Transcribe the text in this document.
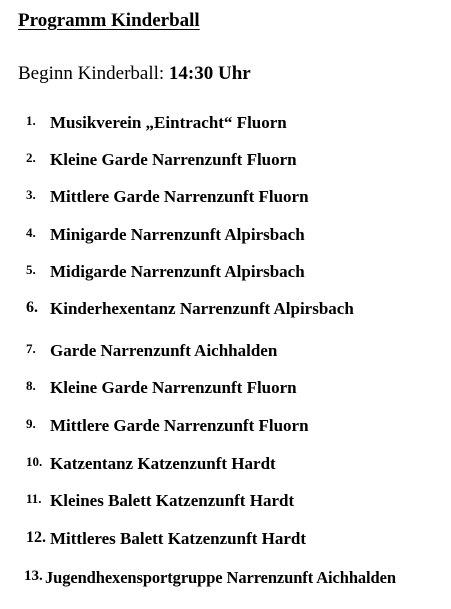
Programm Kinderball
Beginn Kinderball: 14:30 Uhr
1. Musikverein „Eintracht“ Fluorn
2. Kleine Garde Narrenzunft Fluorn
3. Mittlere Garde Narrenzunft Fluorn
4. Minigarde Narrenzunft Alpirsbach
5. Midigarde Narrenzunft Alpirsbach
6. Kinderhexentanz Narrenzunft Alpirsbach
7. Garde Narrenzunft Aichhalden
8. Kleine Garde Narrenzunft Fluorn
9. Mittlere Garde Narrenzunft Fluorn
10. Katzentanz Katzenzunft Hardt
11. Kleines Balett Katzenzunft Hardt
12. Mittleres Balett Katzenzunft Hardt
13. Jugendhexensportgruppe Narrenzunft Aichhalden
